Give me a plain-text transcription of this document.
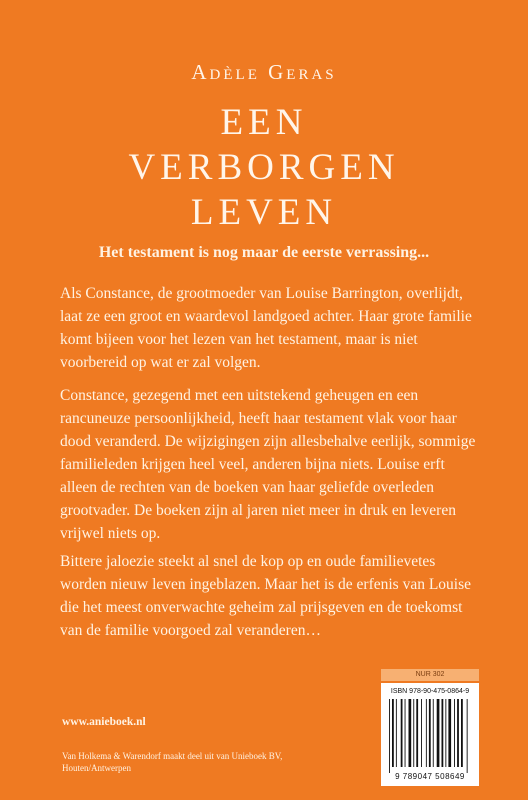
Adèle Geras
EEN
VERBORGEN
LEVEN
Het testament is nog maar de eerste verrassing...
Als Constance, de grootmoeder van Louise Barrington, overlijdt, laat ze een groot en waardevol landgoed achter. Haar grote familie komt bijeen voor het lezen van het testament, maar is niet voorbereid op wat er zal volgen.
Constance, gezegend met een uitstekend geheugen en een rancuneuze persoonlijkheid, heeft haar testament vlak voor haar dood veranderd. De wijzigingen zijn allesbehalve eerlijk, sommige familieleden krijgen heel veel, anderen bijna niets. Louise erft alleen de rechten van de boeken van haar geliefde overleden grootvader. De boeken zijn al jaren niet meer in druk en leveren vrijwel niets op.
Bittere jaloezie steekt al snel de kop op en oude familievetes worden nieuw leven ingeblazen. Maar het is de erfenis van Louise die het meest onverwachte geheim zal prijsgeven en de toekomst van de familie voorgoed zal veranderen…
www.anieboek.nl
Van Holkema & Warendorf maakt deel uit van Unieboek BV, Houten/Antwerpen
NUR 302
ISBN 978-90-475-0864-9
9 789047 508649
